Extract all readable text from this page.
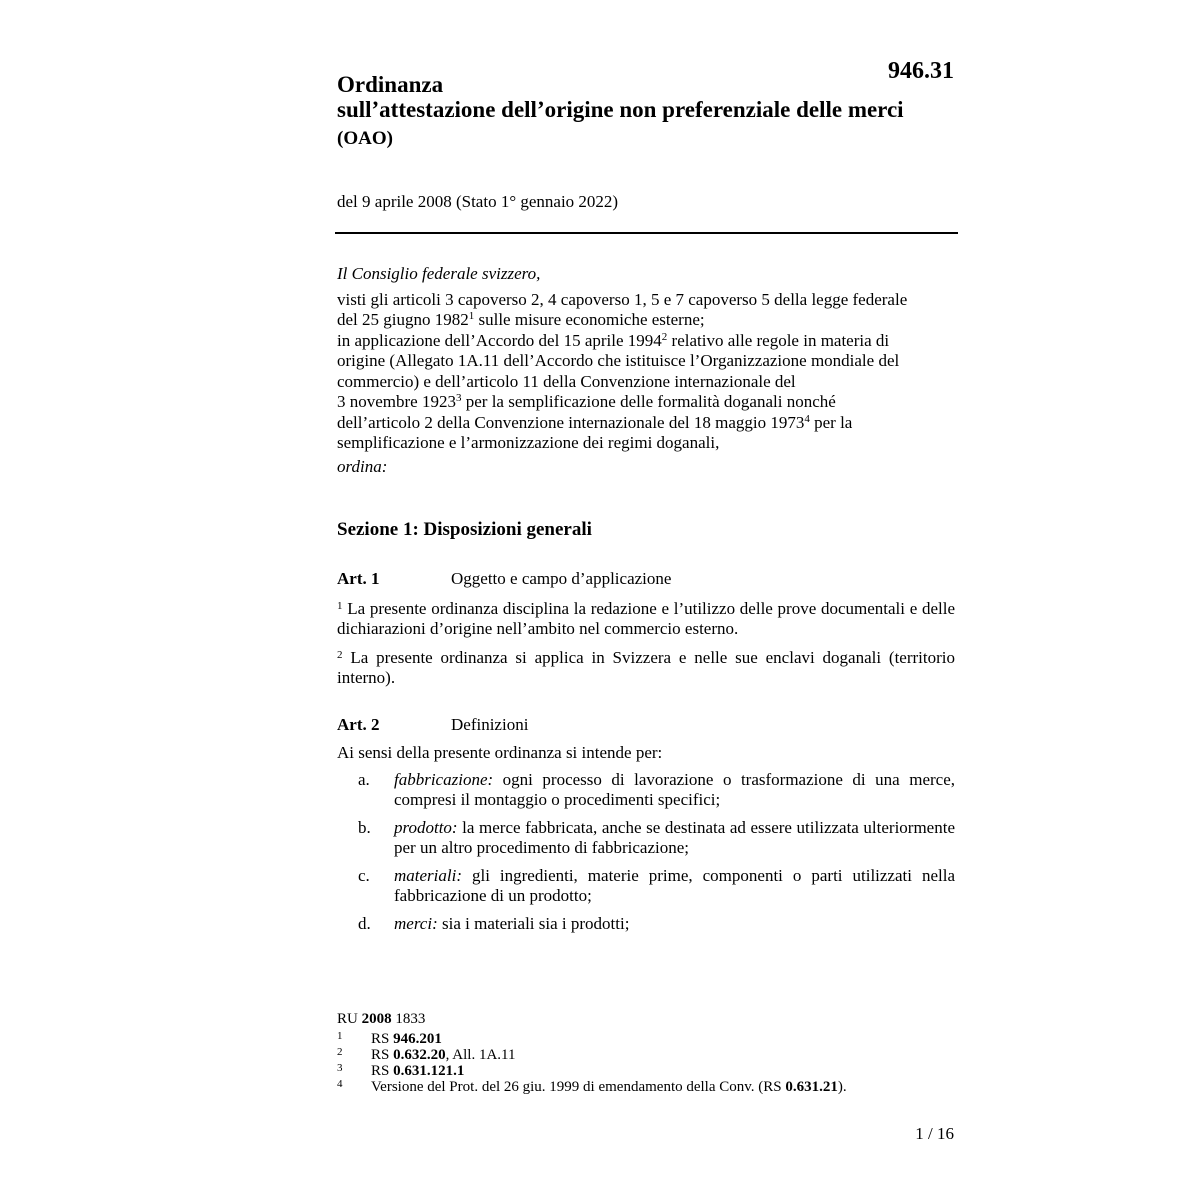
946.31
Ordinanza
sull’attestazione dell’origine non preferenziale delle merci
(OAO)
del 9 aprile 2008 (Stato 1° gennaio 2022)
Il Consiglio federale svizzero,
visti gli articoli 3 capoverso 2, 4 capoverso 1, 5 e 7 capoverso 5 della legge federale
del 25 giugno 1982$^1$ sulle misure economiche esterne;
in applicazione dell’Accordo del 15 aprile 1994$^2$ relativo alle regole in materia di
origine (Allegato 1A.11 dell’Accordo che istituisce l’Organizzazione mondiale del
commercio) e dell’articolo 11 della Convenzione internazionale del
3 novembre 1923$^3$ per la semplificazione delle formalità doganali nonché
dell’articolo 2 della Convenzione internazionale del 18 maggio 1973$^4$ per la
semplificazione e l’armonizzazione dei regimi doganali,
ordina:
Sezione 1: Disposizioni generali
Art. 1	Oggetto e campo d’applicazione
$^1$ La presente ordinanza disciplina la redazione e l’utilizzo delle prove documentali e delle dichiarazioni d’origine nell’ambito nel commercio esterno.
$^2$ La presente ordinanza si applica in Svizzera e nelle sue enclavi doganali (territorio interno).
Art. 2	Definizioni
Ai sensi della presente ordinanza si intende per:
a. fabbricazione: ogni processo di lavorazione o trasformazione di una merce, compresi il montaggio o procedimenti specifici;
b. prodotto: la merce fabbricata, anche se destinata ad essere utilizzata ulteriormente per un altro procedimento di fabbricazione;
c. materiali: gli ingredienti, materie prime, componenti o parti utilizzati nella fabbricazione di un prodotto;
d. merci: sia i materiali sia i prodotti;
RU 2008 1833
1 RS 946.201
2 RS 0.632.20, All. 1A.11
3 RS 0.631.121.1
4 Versione del Prot. del 26 giu. 1999 di emendamento della Conv. (RS 0.631.21).
1 / 16
